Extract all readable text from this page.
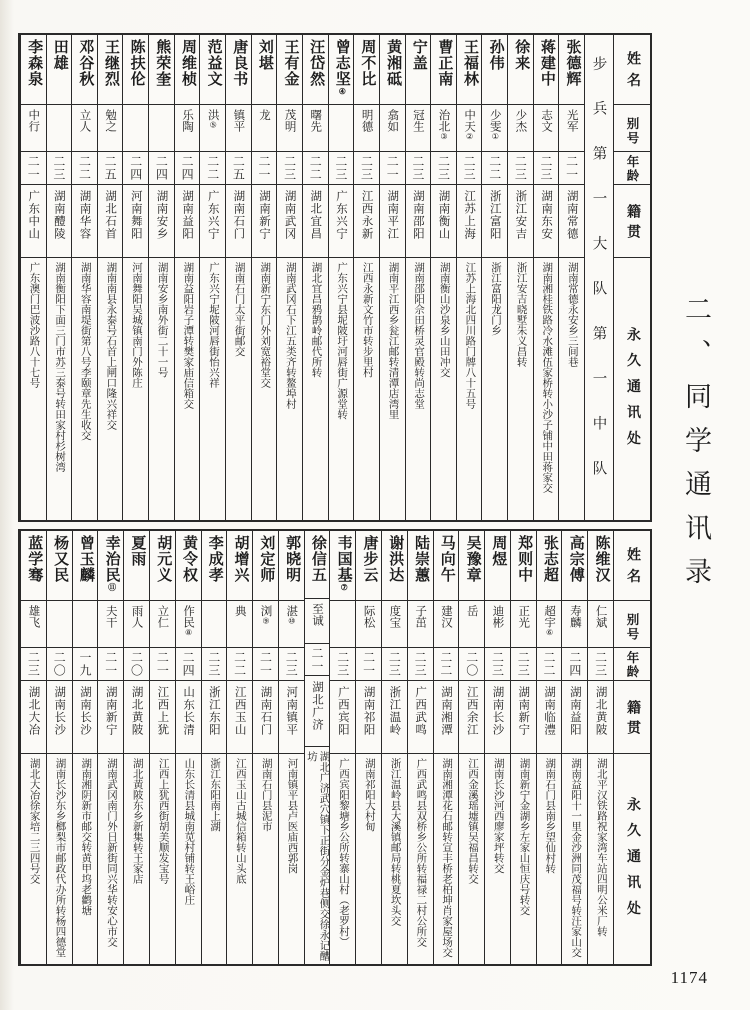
姓名
别号
年龄
籍贯
永久通讯处
步兵第一大队第一中队
张德辉
光军
二一
湖南常德
湖南常德永安乡三间巷
蒋建中
志文
二三
湖南东安
湖南湘桂铁路冷水滩伍家桥转小沙子铺中田蒋家交
徐来
少杰
二三
浙江安吉
浙江安吉晓墅朱义昌转
孙伟
少雯①
二二
浙江富阳
浙江富阳龙门乡
王福林
中天②
二三
江苏上海
江苏上海北四川路门牌八十五号
曹正南
治北③
二三
湖南衡山
湖南衡山沙泉乡山田冲交
宁盖
冠生
二三
湖南邵阳
湖南邵阳佘田桥灵官殿转尚志堂
黄湘砥
翕如
二一
湖南平江
湖南平江西乡瓮江邮转清潭店湾里
周不比
明德
二三
江西永新
江西永新文竹市转步里村
曾志坚④
二三
广东兴宁
广东兴宁县坭陂圩河唇街广源堂转
汪岱然
曙先
二二
湖北宜昌
湖北宜昌鸦鹊岭邮代所转
王有金
茂明
二三
湖南武冈
湖南武冈石下江五类齐转鳌埠村
刘堪
龙
二一
湖南新宁
湖南新宁东门外刘宽裕堂交
唐良书
镇平
二五
湖南石门
湖南石门太平街邮交
范益文
洪⑤
二二
广东兴宁
广东兴宁坭陂河唇街怡兴祥
周维桢
乐陶
二四
湖南益阳
湖南益阳岩子潭转樊家庙信箱交
熊荣奎
二四
湖南安乡
湖南安乡南外街二十一号
陈扶伦
二四
河南舞阳
河南舞阳吴城镇南门外陈庄
王继烈
勉之
二五
湖北石首
湖南南县永泰号石首上闸口隆兴祥交
邓谷秋
立人
二二
湖南华容
湖南华容南堤街第八号李颐章先生收交
田雄
二三
湖南醴陵
湖南衡阳下面三门市苏三泰号转田家村杉树湾
李森泉
中行
二一
广东中山
广东澳门巴波沙路八十七号
姓名
别号
年龄
籍贯
永久通讯处
陈维汉
仁斌
二三
湖北黄陂
湖北平汉铁路祝家湾车站四明公米厂转
高宗傅
寿麟
二四
湖南益阳
湖南益阳十一里金沙洲同茂福号转汪家山交
张志超
超宇⑥
二二
湖南临澧
湖南石门县南乡望仙村转
郑则中
正光
二三
湖南新宁
湖南新宁金湖乡左家山恒庆号转交
周煜
迪彬
二三
湖南长沙
湖南长沙河西廖家坪转交
吴豫章
岳
二〇
江西余江
江西金溪瑶墟镇吴福昌转交
马向午
建汉
二二
湖南湘潭
湖南湘潭花石邮转宣丰桥老柏坤肖家屋场交
陆崇蕙
子茁
二三
广西武鸣
广西武鸣县双桥乡公所转福禄二村公所交
谢洪达
度宝
二三
浙江温岭
浙江温岭县大溪镇邮局转桃夏坎头交
唐步云
际松
二一
湖南祁阳
湖南祁阳大村甸
韦国基⑦
二三
广西宾阳
广西宾阳黎塘乡公所转寨山村（老罗村）
徐信五
至诚
二一
湖北广济
湖北广济武穴镇下正街分金炉巷侧交徐永记醩坊
郭晓明
湛⑩
二三
河南镇平
河南镇平县卢医庙西郭岗
刘定师
浏⑨
二一
湖南石门
湖南石门县泥市
胡增兴
典
二二
江西玉山
江西玉山古城信箱转山头底
李成孝
二三
浙江东阳
浙江东阳南上湖
黄令权
作民⑧
二四
山东长清
山东长清县城南苋村铺转王峪庄
胡元义
立仁
二一
江西上犹
江西上犹西街胡美顺发宝号
夏雨
雨人
二〇
湖北黄陂
湖北黄陂东乡新集转王家店
幸治民⑪
夫干
二一
湖南新宁
湖南武冈南门外日新街同兴华转安心市交
曾玉麟
一九
湖南长沙
湖南湘阴新市邮交转黄甲坞老鹳塘
杨又民
二〇
湖南长沙
湖南长沙东乡榔梨市邮政代办所转杨四德堂
蓝学骞
雄飞
二三
湖北大冶
湖北大冶徐家培二三四号交
二、同学通讯录
1174
